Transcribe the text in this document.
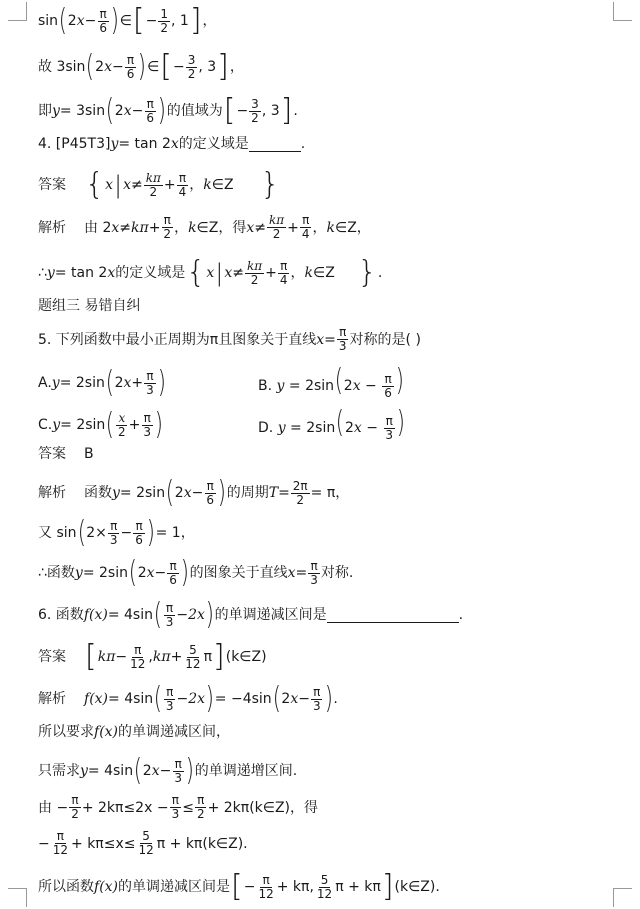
sin ( 2 $x - \frac{\pi}{6}$ ) ∈ [ − $\frac{1}{2}$ , 1 ] ，
故 3sin ( 2 $x - \frac{\pi}{6}$ ) ∈ [ − $\frac{3}{2}$ , 3 ] ，
即 y = 3sin ( 2 $x - \frac{\pi}{6}$ ) 的值域为 [ − $\frac{3}{2}$ , 3 ] .
4. [P45T3] y = tan 2 x 的定义域是	.
答案 { x | $x \ne \frac{k\pi}{2} + \frac{\pi}{4}$ ， k ∈Z }
解析 由 2 $x \ne k\pi + \frac{\pi}{2}$ ， k ∈Z ，得 $x \ne \frac{k\pi}{2} + \frac{\pi}{4}$ ， k ∈Z，
∴ y = tan 2 x 的定义域是 { x | $x \ne \frac{k\pi}{2} + \frac{\pi}{4}$ ， k ∈Z } .
题组三 易错自纠
5. 下列函数中最小正周期为π且图象关于直线 $x = \frac{\pi}{3}$ 对称的是( )
A. y = 2sin ( 2 $x + \frac{\pi}{3}$ )	B. $y = 2\sin(2x - \frac{\pi}{6}$ )
C. y = 2sin ( $\frac{x}{2} + \frac{\pi}{3}$ )	D. $y = 2\sin(2x - \frac{\pi}{3}$ )
答案 B
解析 函数 y = 2sin ( 2 $x - \frac{\pi}{6}$ ) 的周期 $T = \frac{2\pi}{2} = \pi$，
又 sin ( $2 \times \frac{\pi}{3} - \frac{\pi}{6}$ ) = 1，
∴函数 y = 2sin ( 2 $x - \frac{\pi}{6}$ ) 的图象关于直线 $x = \frac{\pi}{3}$ 对称.
6. 函数 f (x) = 4sin ( $\frac{\pi}{3} - 2x$ ) 的单调递减区间是	.
答案 [ $k\pi - \frac{\pi}{12}$ , $k\pi + \frac{5}{12}$ π ] (k∈Z)
解析 f (x) = 4sin ( $\frac{\pi}{3} - 2x$ ) = −4sin ( 2 $x - \frac{\pi}{3}$ ) .
所以要求 f (x) 的单调递减区间，
只需求 y = 4sin ( 2 $x - \frac{\pi}{3}$ ) 的单调递增区间.
由 − $\frac{\pi}{2} + 2k\pi\le 2x - \frac{\pi}{3} \le \frac{\pi}{2}$ + 2kπ(k∈Z)，得
− $\frac{\pi}{12} + k\pi\le x\le \frac{5}{12}$ π + kπ(k∈Z).
所以函数 f (x) 的单调递减区间是 [ − $\frac{\pi}{12} + k\pi$, $\frac{5}{12}$ π + kπ ] (k∈Z) .
